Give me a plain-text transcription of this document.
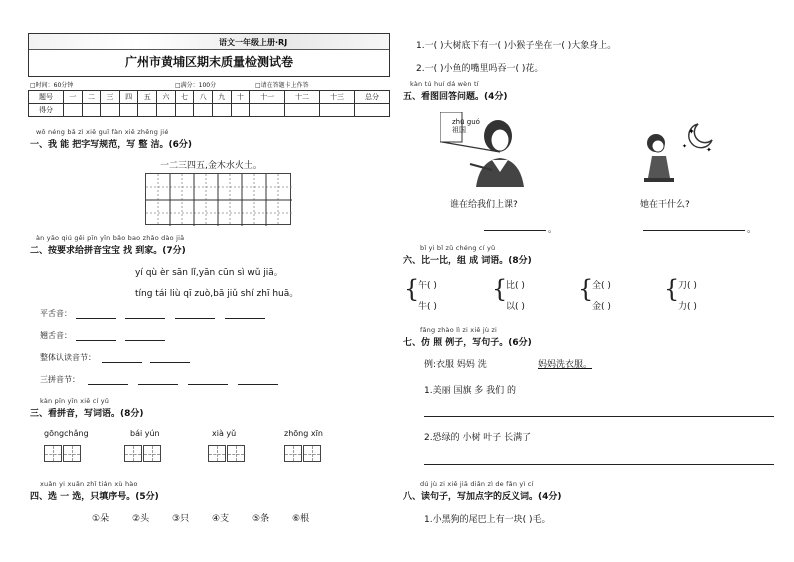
语文一年级上册·RJ
广州市黄埔区期末质量检测试卷
□时间：60分钟	□满分：100分	□请在答题卡上作答
题号	一	二	三	四	五	六	七	八	九	十	十一	十二	十三	总分
得分														
wǒ néng bǎ zì xiě guī fàn xiě zhěng jié
一、我 能 把字写规范，写 整 洁。(6分)
一二三四五,金木水火土。
àn yāo qiú gěi pīn yīn bǎo bao zhǎo dào jiā
二、按要求给拼音宝宝 找 到家。(7分)
yí qù èr sān lǐ,yān cūn sì wǔ jiā。
tíng tái liù qī zuò,bā jiǔ shí zhī huā。
平舌音：
翘舌音：
整体认读音节：
三拼音节：
kàn pīn yīn xiě cí yǔ
三、看拼音，写词语。(8分)
gōngchǎng	bái yún	xià yǔ	zhōng xīn
xuǎn yi xuǎn zhǐ tián xù hào
四、选 一 选，只填序号。(5分)
①朵	②头	③只	④支	⑤条	⑥根
1.一( )大树底下有一( )小猴子坐在一( )大象身上。
2.一( )小鱼的嘴里吗吞一( )花。
kàn tú huí dá wèn tí
五、看图回答问题。(4分)
zhū guó
祖国	✦
✦
✦
谁在给我们上课?
。
她在干什么?
。
bǐ yi bǐ zǔ chéng cí yǔ
六、比一比，组 成 词语。(8分)
{
午( )
牛( )
{
比( )
以( )
{
全( )
金( )
{
刀( )
力( )
fǎng zhào lì zi xiě jù zi
七、仿 照 例子，写句子。(6分)
例:衣服 妈妈 洗	妈妈洗衣服。
1.美丽 国旗 多 我们 的
2.恐绿的 小树 叶子 长满了
dú jù zi xiě jiā diǎn zì de fǎn yì cí
八、读句子，写加点字的反义词。(4分)
1.小黑狗的尾巴上有一块( )毛。
